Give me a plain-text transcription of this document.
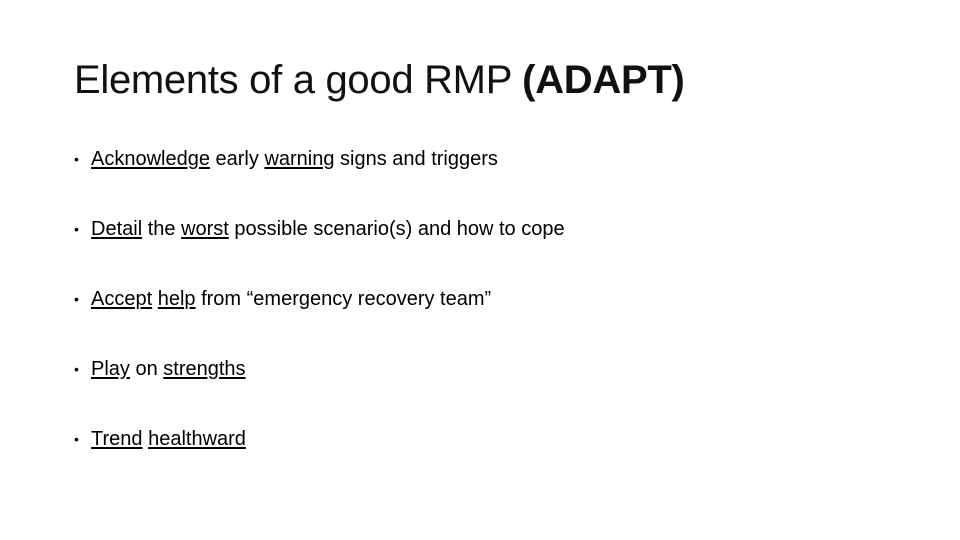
Elements of a good RMP (ADAPT)
• Acknowledge early warning signs and triggers
• Detail the worst possible scenario(s) and how to cope
• Accept help from “emergency recovery team”
• Play on strengths
• Trend healthward
